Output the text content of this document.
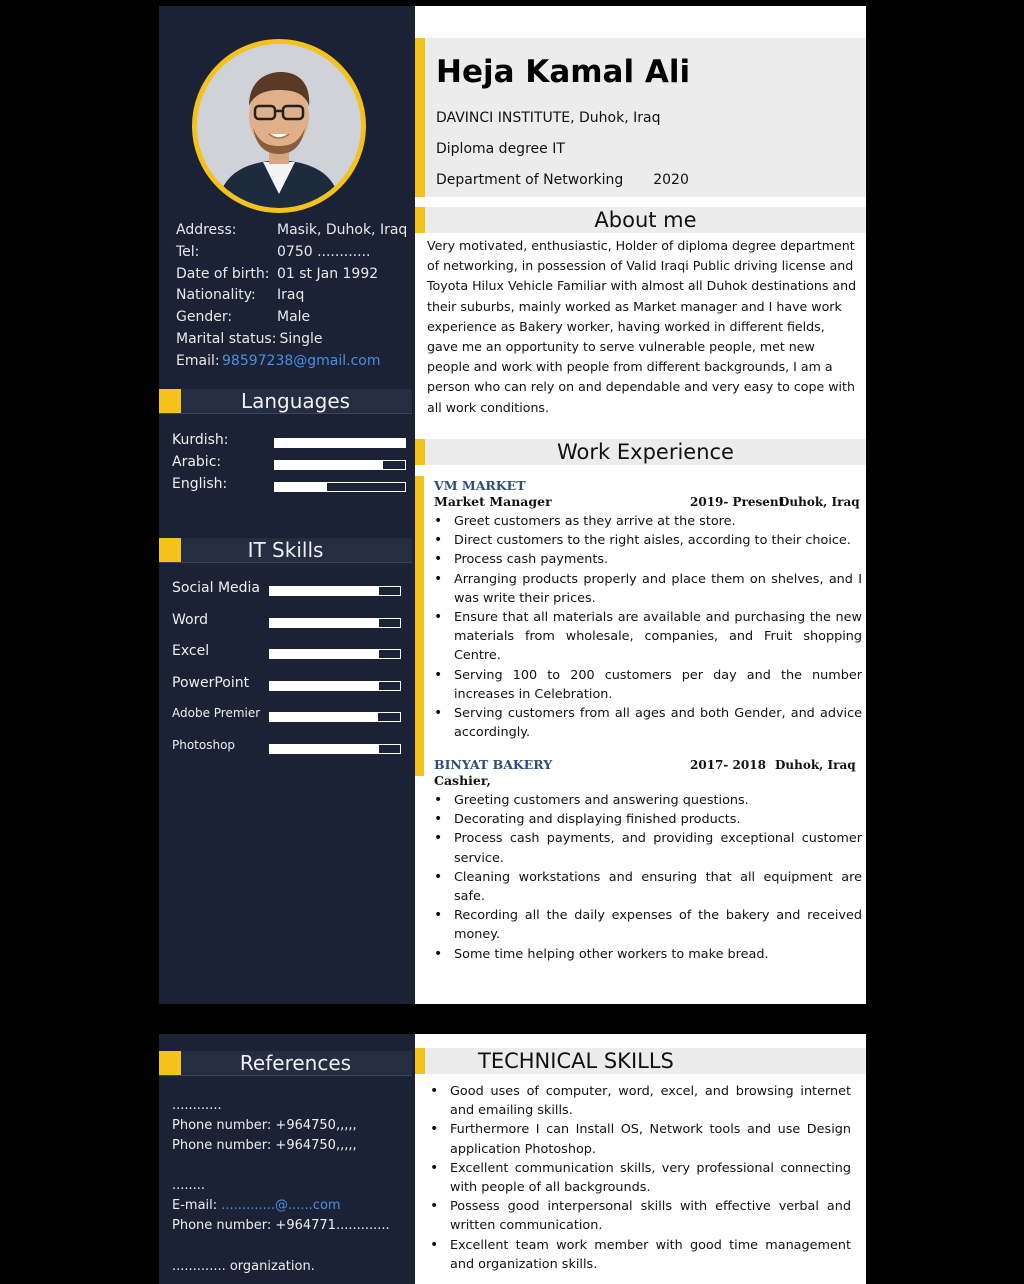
Address:	Masik, Duhok, Iraq
Tel:	0750 ............
Date of birth: 01 st Jan 1992
Nationality:	Iraq
Gender:	Male
Marital status: Single
Email: 98597238@gmail.com
Languages
Kurdish:
Arabic:
English:
IT Skills
Social Media
Word
Excel
PowerPoint
Adobe Premier
Photoshop
Heja Kamal Ali
DAVINCI INSTITUTE, Duhok, Iraq
Diploma degree IT
Department of Networking 2020
About me
Very motivated, enthusiastic, Holder of diploma degree department of networking, in possession of Valid Iraqi Public driving license and Toyota Hilux Vehicle Familiar with almost all Duhok destinations and their suburbs, mainly worked as Market manager and I have work experience as Bakery worker, having worked in different fields, gave me an opportunity to serve vulnerable people, met new people and work with people from different backgrounds, I am a person who can rely on and dependable and very easy to cope with all work conditions.
Work Experience
VM MARKET
Market Manager	2019- Present
Duhok, Iraq
• Greet customers as they arrive at the store.
• Direct customers to the right aisles, according to their choice.
• Process cash payments.
• Arranging products properly and place them on shelves, and I was write their prices.
• Ensure that all materials are available and purchasing the new materials from wholesale, companies, and Fruit shopping Centre.
• Serving 100 to 200 customers per day and the number increases in Celebration.
• Serving customers from all ages and both Gender, and advice accordingly.
BINYAT BAKERY
Cashier,
2017- 2018 Duhok, Iraq
• Greeting customers and answering questions.
• Decorating and displaying finished products.
• Process cash payments, and providing exceptional customer service.
• Cleaning workstations and ensuring that all equipment are safe.
• Recording all the daily expenses of the bakery and received money.
• Some time helping other workers to make bread.
References
............
Phone number: +964750,,,,,
Phone number: +964750,,,,,
........
E-mail: .............@......com
Phone number: +964771.............
............. organization.
TECHNICAL SKILLS
• Good uses of computer, word, excel, and browsing internet and emailing skills.
• Furthermore I can Install OS, Network tools and use Design application Photoshop.
• Excellent communication skills, very professional connecting with people of all backgrounds.
• Possess good interpersonal skills with effective verbal and written communication.
• Excellent team work member with good time management and organization skills.
